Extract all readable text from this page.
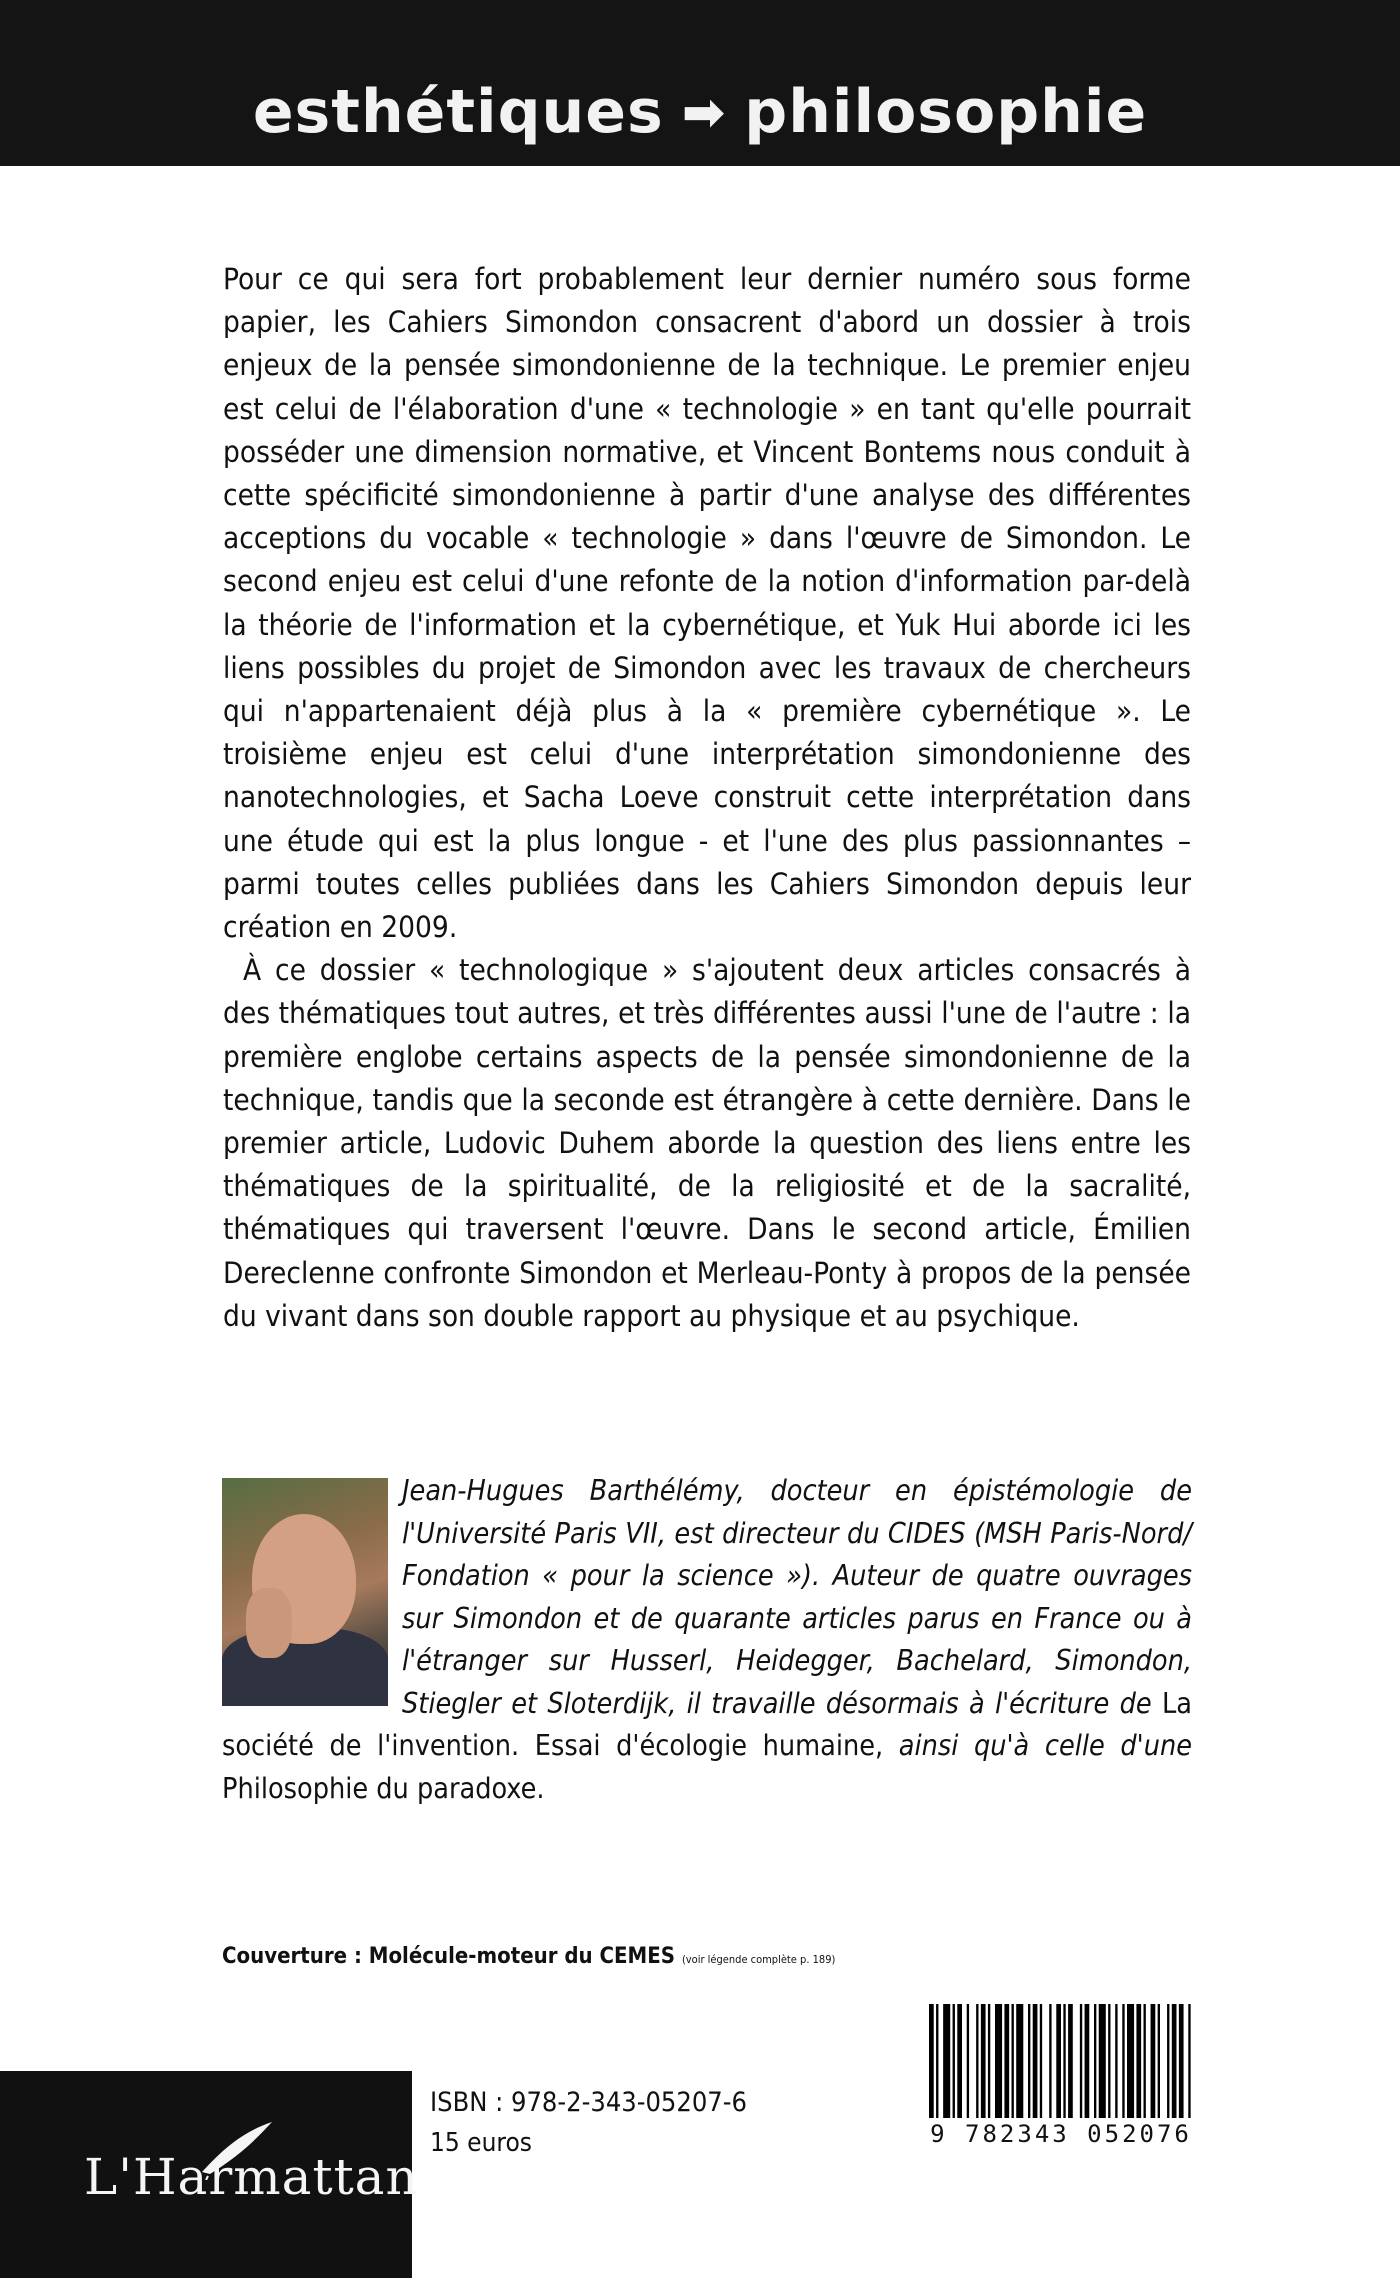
esthétiques ➡ philosophie

Pour ce qui sera fort probablement leur dernier numéro sous forme papier, les Cahiers Simondon consacrent d'abord un dossier à trois enjeux de la pensée simondonienne de la technique. Le premier enjeu est celui de l'élaboration d'une « technologie » en tant qu'elle pourrait posséder une dimension normative, et Vincent Bontems nous conduit à cette spécificité simondonienne à partir d'une analyse des différentes acceptions du vocable « technologie » dans l'œuvre de Simondon. Le second enjeu est celui d'une refonte de la notion d'information par-delà la théorie de l'information et la cybernétique, et Yuk Hui aborde ici les liens possibles du projet de Simondon avec les travaux de chercheurs qui n'appartenaient déjà plus à la « première cybernétique ». Le troisième enjeu est celui d'une interprétation simondonienne des nanotechnologies, et Sacha Loeve construit cette interprétation dans une étude qui est la plus longue - et l'une des plus passionnantes – parmi toutes celles publiées dans les Cahiers Simondon depuis leur création en 2009.

À ce dossier « technologique » s'ajoutent deux articles consacrés à des thématiques tout autres, et très différentes aussi l'une de l'autre : la première englobe certains aspects de la pensée simondonienne de la technique, tandis que la seconde est étrangère à cette dernière. Dans le premier article, Ludovic Duhem aborde la question des liens entre les thématiques de la spiritualité, de la religiosité et de la sacralité, thématiques qui traversent l'œuvre. Dans le second article, Émilien Dereclenne confronte Simondon et Merleau-Ponty à propos de la pensée du vivant dans son double rapport au physique et au psychique.

Jean-Hugues Barthélémy, docteur en épistémologie de l'Université Paris VII, est directeur du CIDES (MSH Paris-Nord/ Fondation « pour la science »). Auteur de quatre ouvrages sur Simondon et de quarante articles parus en France ou à l'étranger sur Husserl, Heidegger, Bachelard, Simondon, Stiegler et Sloterdijk, il travaille désormais à l'écriture de La société de l'invention. Essai d'écologie humaine, ainsi qu'à celle d'une Philosophie du paradoxe.
Couverture : Molécule-moteur du CEMES (voir légende complète p. 189)
L'Harmattan
ISBN : 978-2-343-05207-6
15 euros	9 782343 052076
